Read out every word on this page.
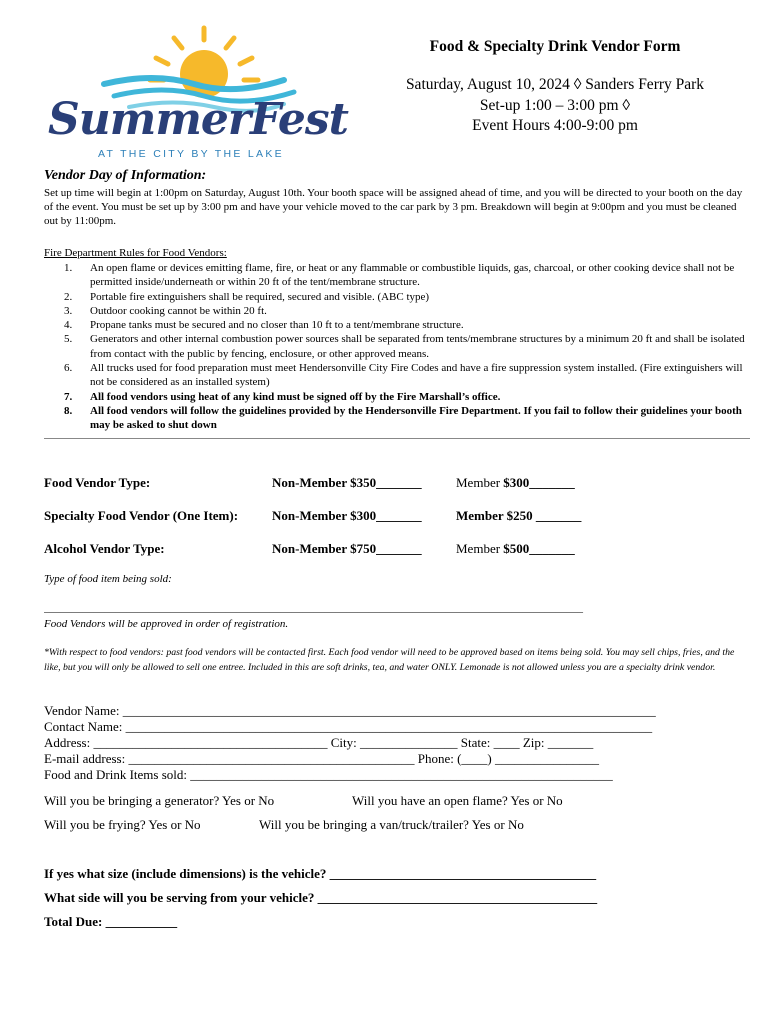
SummerFest
AT THE CITY BY THE LAKE
Food & Specialty Drink Vendor Form
Saturday, August 10, 2024 ◊ Sanders Ferry Park
Set-up 1:00 – 3:00 pm ◊
Event Hours 4:00-9:00 pm
Vendor Day of Information:
Set up time will begin at 1:00pm on Saturday, August 10th. Your booth space will be assigned ahead of time, and you will be directed to your booth on the day of the event. You must be set up by 3:00 pm and have your vehicle moved to the car park by 3 pm. Breakdown will begin at 9:00pm and you must be cleaned out by 11:00pm.
Fire Department Rules for Food Vendors:
1. An open flame or devices emitting flame, fire, or heat or any flammable or combustible liquids, gas, charcoal, or other cooking device shall not be permitted inside/underneath or within 20 ft of the tent/membrane structure.
2. Portable fire extinguishers shall be required, secured and visible. (ABC type)
3. Outdoor cooking cannot be within 20 ft.
4. Propane tanks must be secured and no closer than 10 ft to a tent/membrane structure.
5. Generators and other internal combustion power sources shall be separated from tents/membrane structures by a minimum 20 ft and shall be isolated from contact with the public by fencing, enclosure, or other approved means.
6. All trucks used for food preparation must meet Hendersonville City Fire Codes and have a fire suppression system installed. (Fire extinguishers will not be considered as an installed system)
7. All food vendors using heat of any kind must be signed off by the Fire Marshall’s office.
8. All food vendors will follow the guidelines provided by the Hendersonville Fire Department. If you fail to follow their guidelines your booth may be asked to shut down
Food Vendor Type:	Non-Member $350_______	Member $300_______
Specialty Food Vendor (One Item):	Non-Member $300_______	Member $250 _______
Alcohol Vendor Type:	Non-Member $750_______	Member $500_______
Type of food item being sold:
__________________________________________________________________________________________________
Food Vendors will be approved in order of registration.
*With respect to food vendors: past food vendors will be contacted first. Each food vendor will need to be approved based on items being sold. You may sell chips, fries, and the like, but you will only be allowed to sell one entree. Included in this are soft drinks, tea, and water ONLY. Lemonade is not allowed unless you are a specialty drink vendor.
Vendor Name: __________________________________________________________________________________
Contact Name: _________________________________________________________________________________
Address: ____________________________________ City: _______________ State: ____ Zip: _______
E-mail address: ____________________________________________ Phone: (____) ________________
Food and Drink Items sold: _________________________________________________________________
Will you be bringing a generator? Yes or No	Will you have an open flame? Yes or No
Will you be frying? Yes or No	Will you be bringing a van/truck/trailer? Yes or No
If yes what size (include dimensions) is the vehicle? _________________________________________
What side will you be serving from your vehicle? ___________________________________________
Total Due: ___________
